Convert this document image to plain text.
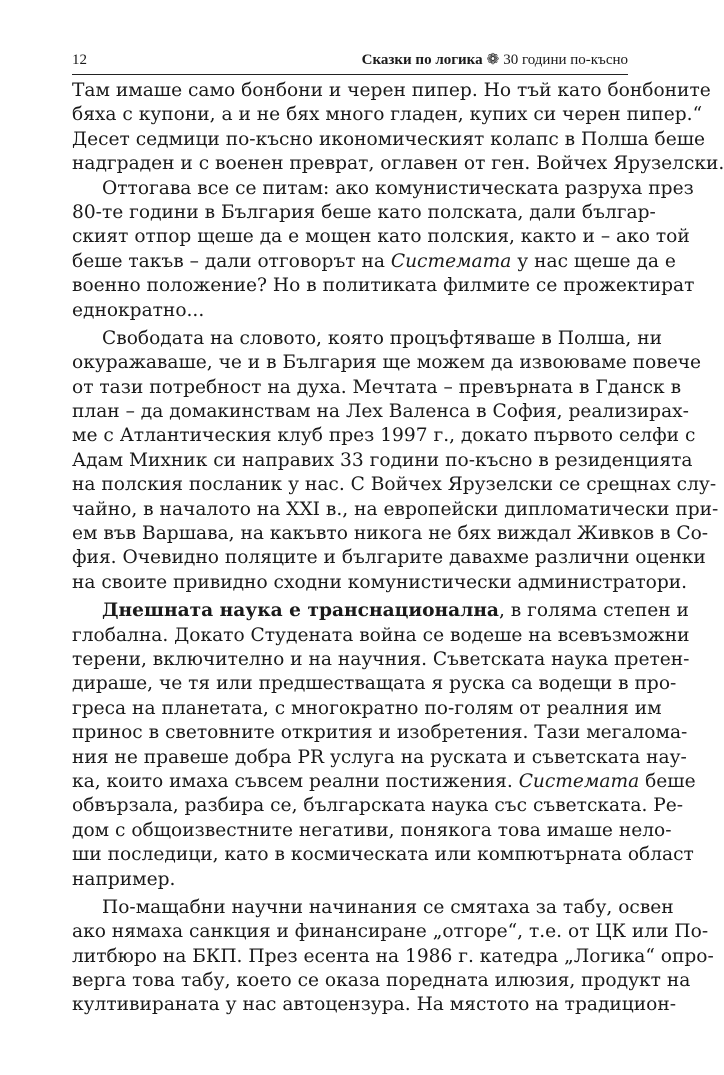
12	Сказки по логика ❁ 30 години по-късно
Там имаше само бонбони и черен пипер. Но тъй като бонбоните
бяха с купони, а и не бях много гладен, купих си черен пипер.“
Десет седмици по-късно икономическият колапс в Полша беше
надграден и с военен преврат, оглавен от ген. Войчех Ярузелски.
Оттогава все се питам: ако комунистическата разруха през
80-те години в България беше като полската, дали българ-
ският отпор щеше да е мощен като полския, както и – ако той
беше такъв – дали отговорът на Системата у нас щеше да е
военно положение? Но в политиката филмите се прожектират
еднократно...
Свободата на словото, която процъфтяваше в Полша, ни
окуражаваше, че и в България ще можем да извоюваме повече
от тази потребност на духа. Мечтата – превърната в Гданск в
план – да домакинствам на Лех Валенса в София, реализирах-
ме с Атлантическия клуб през 1997 г., докато първото селфи с
Адам Михник си направих 33 години по-късно в резиденцията
на полския посланик у нас. С Войчех Ярузелски се срещнах слу-
чайно, в началото на XXI в., на европейски дипломатически при-
ем във Варшава, на какъвто никога не бях виждал Живков в Со-
фия. Очевидно поляците и българите давахме различни оценки
на своите привидно сходни комунистически администратори.
Днешната наука е транснационална, в голяма степен и
глобална. Докато Студената война се водеше на всевъзможни
терени, включително и на научния. Съветската наука претен-
дираше, че тя или предшестващата я руска са водещи в про-
греса на планетата, с многократно по-голям от реалния им
принос в световните открития и изобретения. Тази мегалома-
ния не правеше добра PR услуга на руската и съветската нау-
ка, които имаха съвсем реални постижения. Системата беше
обвързала, разбира се, българската наука със съветската. Ре-
дом с общоизвестните негативи, понякога това имаше нело-
ши последици, като в космическата или компютърната област
например.
По-мащабни научни начинания се смятаха за табу, освен
ако нямаха санкция и финансиране „отгоре“, т.е. от ЦК или По-
литбюро на БКП. През есента на 1986 г. катедра „Логика“ опро-
верга това табу, което се оказа поредната илюзия, продукт на
култивираната у нас автоцензура. На мястото на традицион-
